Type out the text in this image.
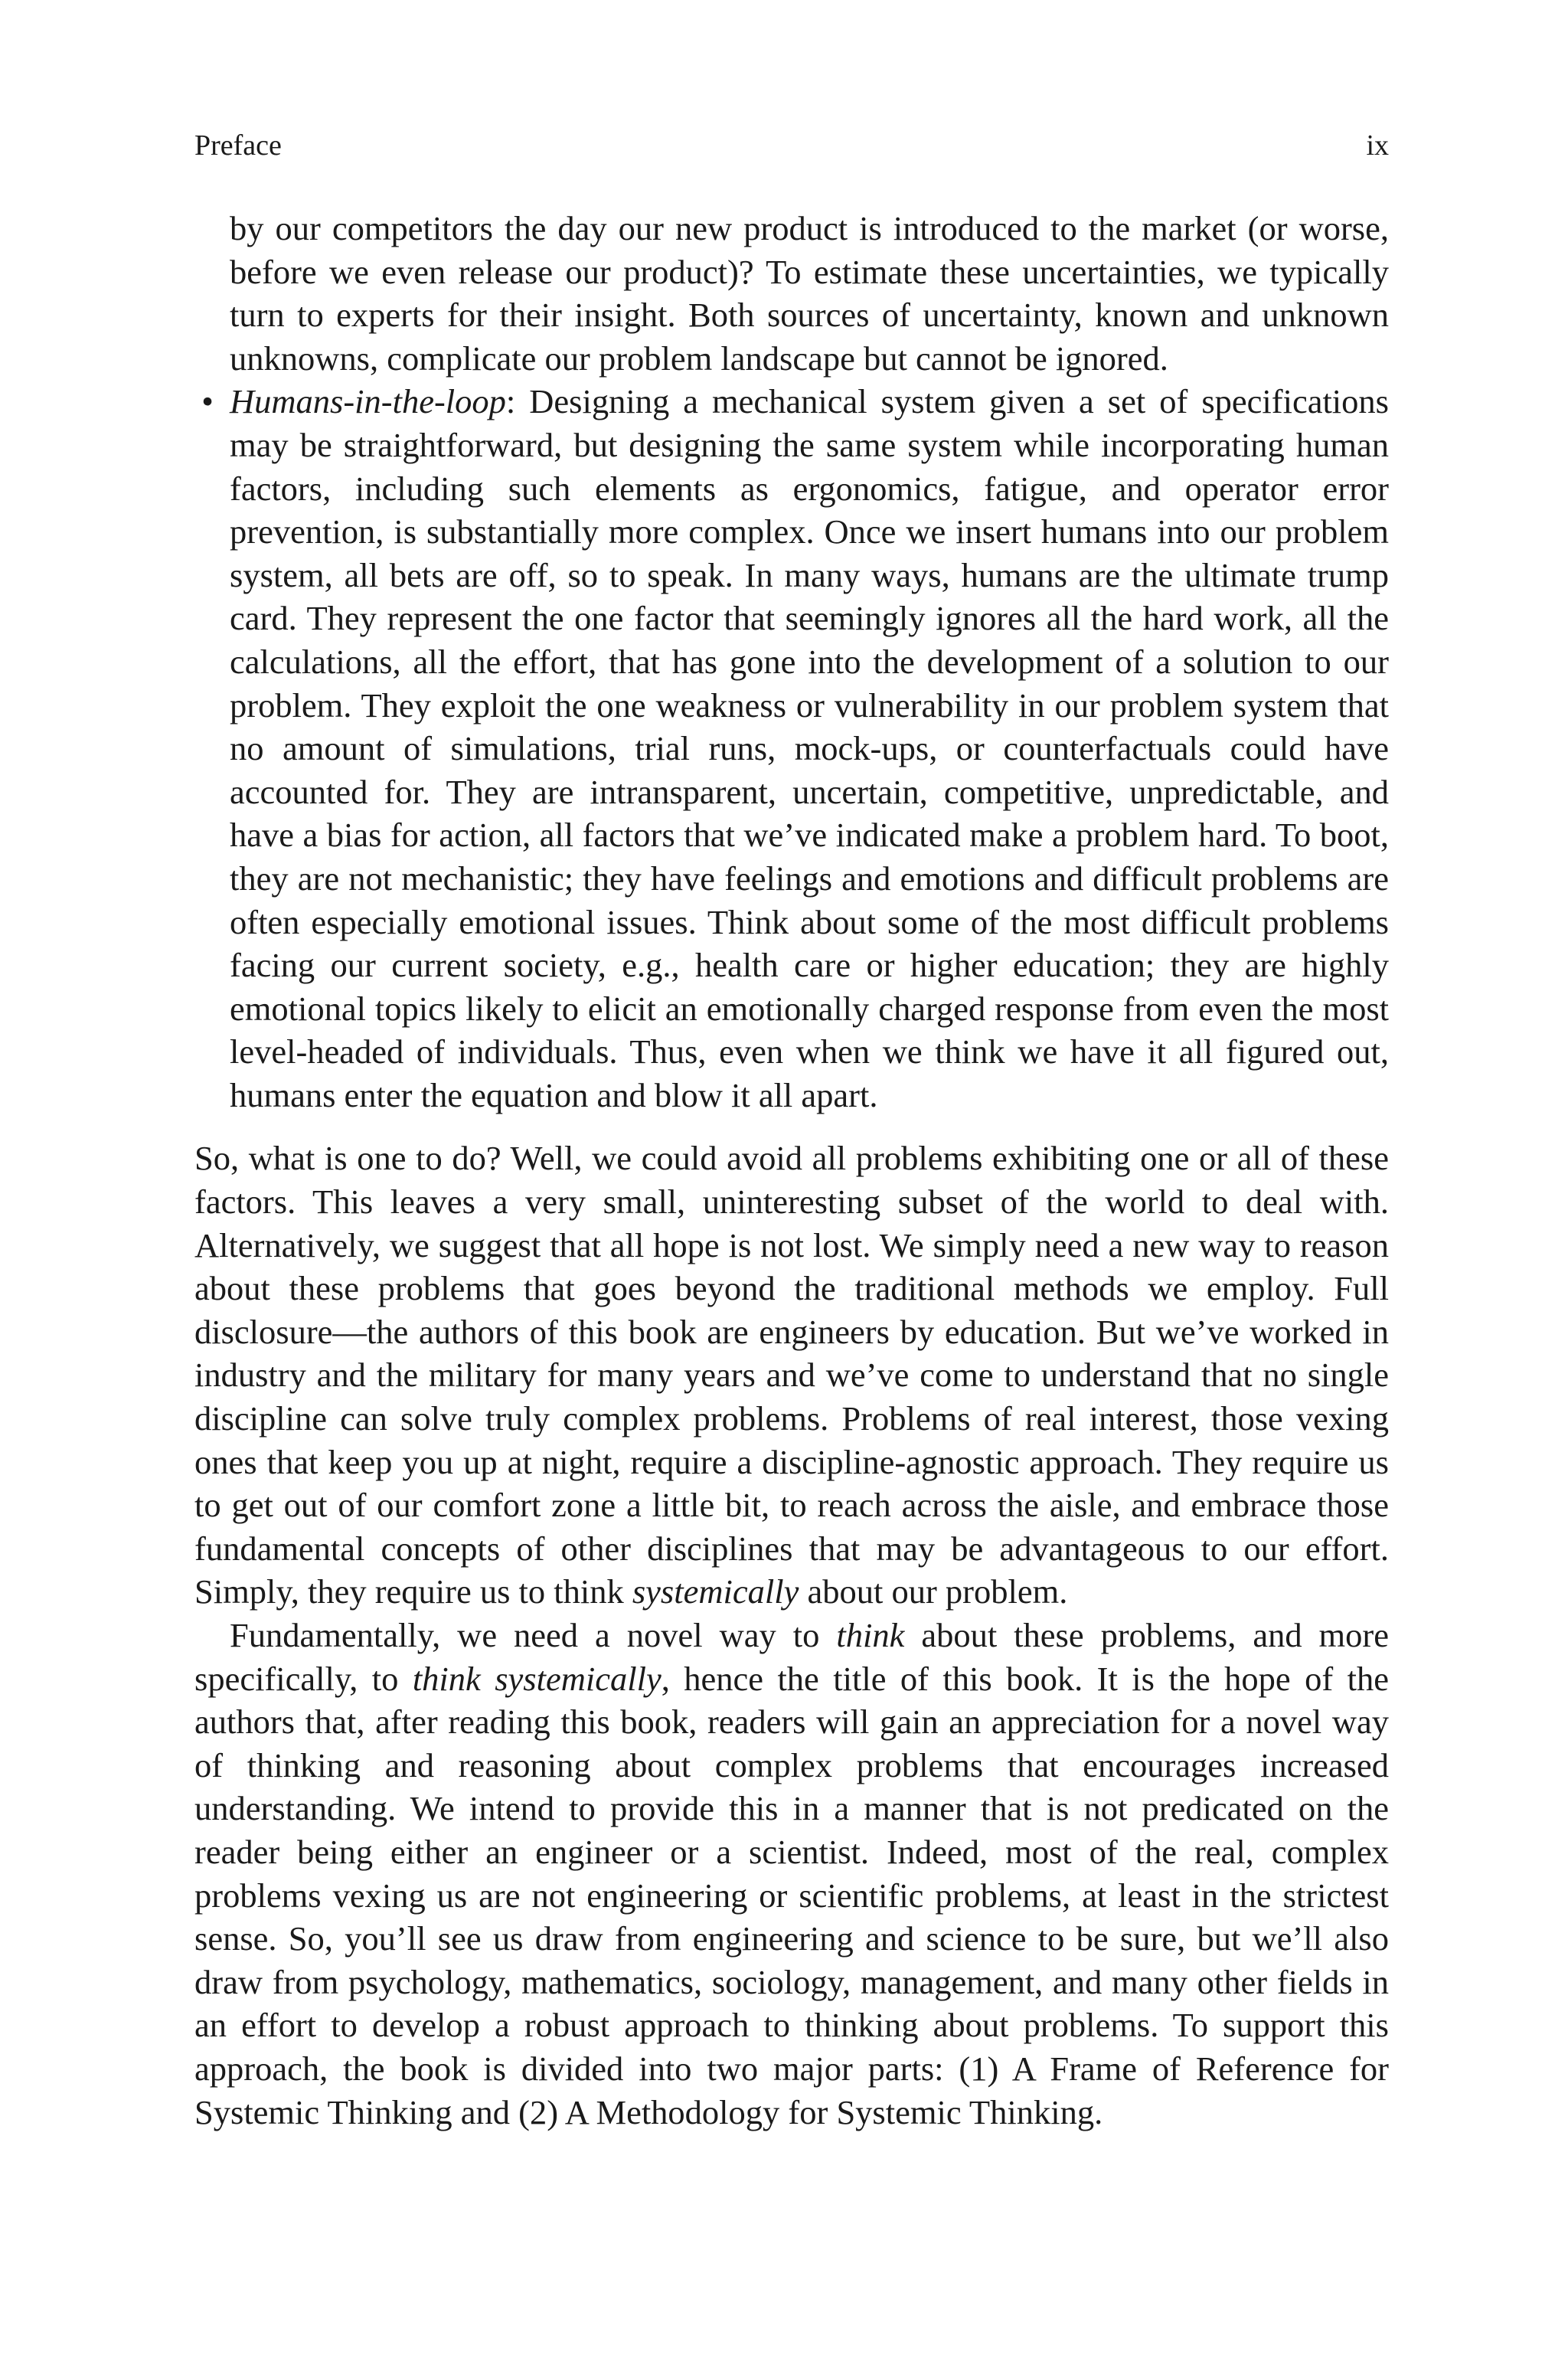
Preface	ix
by our competitors the day our new product is introduced to the market (or worse, before we even release our product)? To estimate these uncertainties, we typically turn to experts for their insight. Both sources of uncertainty, known and unknown unknowns, complicate our problem landscape but cannot be ignored.
• Humans-in-the-loop: Designing a mechanical system given a set of specifications may be straightforward, but designing the same system while incorporating human factors, including such elements as ergonomics, fatigue, and operator error prevention, is substantially more complex. Once we insert humans into our problem system, all bets are off, so to speak. In many ways, humans are the ultimate trump card. They represent the one factor that seemingly ignores all the hard work, all the calculations, all the effort, that has gone into the development of a solution to our problem. They exploit the one weakness or vulnerability in our problem system that no amount of simulations, trial runs, mock-ups, or counterfactuals could have accounted for. They are intransparent, uncertain, competitive, unpredictable, and have a bias for action, all factors that we’ve indicated make a problem hard. To boot, they are not mechanistic; they have feelings and emotions and difficult problems are often especially emotional issues. Think about some of the most difficult problems facing our current society, e.g., health care or higher education; they are highly emotional topics likely to elicit an emotionally charged response from even the most level-headed of individuals. Thus, even when we think we have it all figured out, humans enter the equation and blow it all apart.

So, what is one to do? Well, we could avoid all problems exhibiting one or all of these factors. This leaves a very small, uninteresting subset of the world to deal with. Alternatively, we suggest that all hope is not lost. We simply need a new way to reason about these problems that goes beyond the traditional methods we employ. Full disclosure—the authors of this book are engineers by education. But we’ve worked in industry and the military for many years and we’ve come to understand that no single discipline can solve truly complex problems. Problems of real interest, those vexing ones that keep you up at night, require a discipline-agnostic approach. They require us to get out of our comfort zone a little bit, to reach across the aisle, and embrace those fundamental concepts of other disciplines that may be advantageous to our effort. Simply, they require us to think systemically about our problem.

Fundamentally, we need a novel way to think about these problems, and more specifically, to think systemically, hence the title of this book. It is the hope of the authors that, after reading this book, readers will gain an appreciation for a novel way of thinking and reasoning about complex problems that encourages increased understanding. We intend to provide this in a manner that is not predicated on the reader being either an engineer or a scientist. Indeed, most of the real, complex problems vexing us are not engineering or scientific problems, at least in the strictest sense. So, you’ll see us draw from engineering and science to be sure, but we’ll also draw from psychology, mathematics, sociology, management, and many other fields in an effort to develop a robust approach to thinking about problems. To support this approach, the book is divided into two major parts: (1) A Frame of Reference for Systemic Thinking and (2) A Methodology for Systemic Thinking.
